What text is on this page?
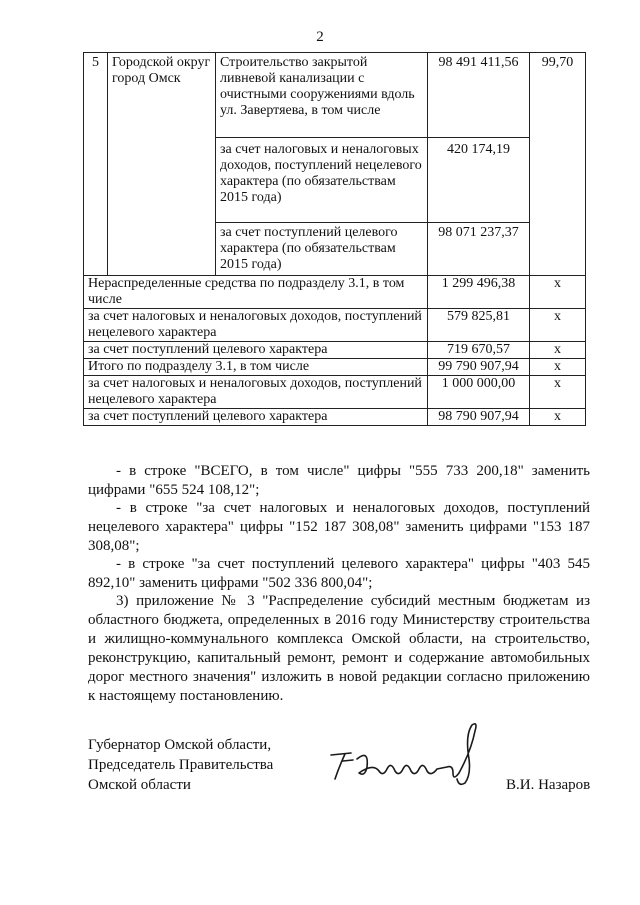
2
5	Городской округ город Омск	Строительство закрытой ливневой канализации с очистными сооружениями вдоль ул. Завертяева, в том числе	98 491 411,56	99,70
		за счет налоговых и неналоговых доходов, поступлений нецелевого характера (по обязательствам 2015 года)	420 174,19	
		за счет поступлений целевого характера (по обязательствам 2015 года)	98 071 237,37	
Нераспределенные средства по подразделу 3.1, в том числе			1 299 496,38	x
за счет налоговых и неналоговых доходов, поступлений нецелевого характера			579 825,81	x
за счет поступлений целевого характера			719 670,57	x
Итого по подразделу 3.1, в том числе			99 790 907,94	x
за счет налоговых и неналоговых доходов, поступлений нецелевого характера			1 000 000,00	x
за счет поступлений целевого характера			98 790 907,94	x
- в строке "ВСЕГО, в том числе" цифры "555 733 200,18" заменить цифрами "655 524 108,12";
- в строке "за счет налоговых и неналоговых доходов, поступлений нецелевого характера" цифры "152 187 308,08" заменить цифрами "153 187 308,08";
- в строке "за счет поступлений целевого характера" цифры "403 545 892,10" заменить цифрами "502 336 800,04";
3) приложение № 3 "Распределение субсидий местным бюджетам из областного бюджета, определенных в 2016 году Министерству строительства и жилищно-коммунального комплекса Омской области, на строительство, реконструкцию, капитальный ремонт, ремонт и содержание автомобильных дорог местного значения" изложить в новой редакции согласно приложению к настоящему постановлению.
Губернатор Омской области,
Председатель Правительства
Омской области	В.И. Назаров
